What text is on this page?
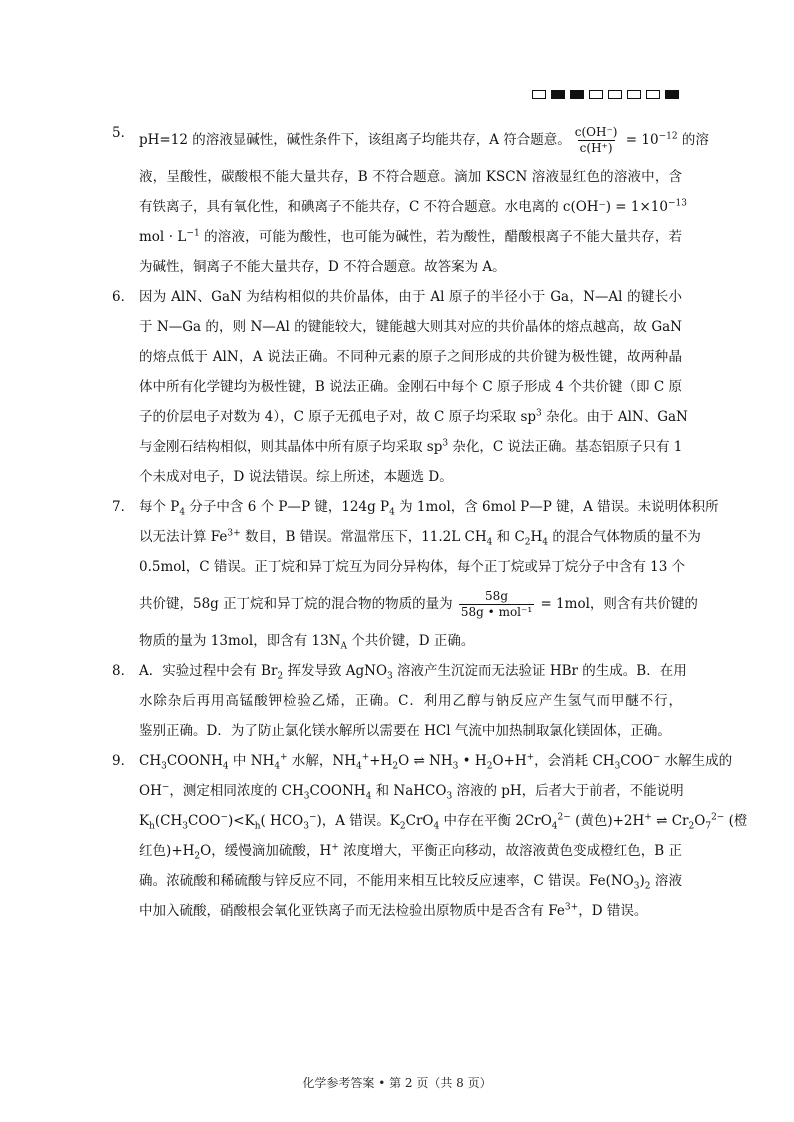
5． pH=12 的溶液显碱性，碱性条件下，该组离子均能共存，A 符合题意。 $\frac{c(OH^-)}{c(H^+)} = 10^{-12}$ 的溶
液，呈酸性，碳酸根不能大量共存，B 不符合题意。滴加 KSCN 溶液显红色的溶液中，含
有铁离子，具有氧化性，和碘离子不能共存，C 不符合题意。水电离的 $c(OH^-) = 1\times 10^{-13}$
mol · $L^{-1}$ 的溶液，可能为酸性，也可能为碱性，若为酸性，醋酸根离子不能大量共存，若
为碱性，铜离子不能大量共存，D 不符合题意。故答案为 A。
6． 因为 AlN、GaN 为结构相似的共价晶体，由于 Al 原子的半径小于 Ga，N—Al 的键长小
于 N—Ga 的，则 N—Al 的键能较大，键能越大则其对应的共价晶体的熔点越高，故 GaN
的熔点低于 AlN，A 说法正确。不同种元素的原子之间形成的共价键为极性键，故两种晶
体中所有化学键均为极性键，B 说法正确。金刚石中每个 C 原子形成 4 个共价键（即 C 原
子的价层电子对数为 4），C 原子无孤电子对，故 C 原子均采取 $sp^3$ 杂化。由于 AlN、GaN
与金刚石结构相似，则其晶体中所有原子均采取 $sp^3$ 杂化，C 说法正确。基态铝原子只有 1
个未成对电子，D 说法错误。综上所述，本题选 D。
7． 每个 $P_4$ 分子中含 6 个 P—P 键，124g $P_4$ 为 1mol，含 6mol P—P 键，A 错误。未说明体积所
以无法计算 $Fe^{3+}$ 数目，B 错误。常温常压下，11.2L $CH_4$ 和 $C_2H_4$ 的混合气体物质的量不为
0.5mol，C 错误。正丁烷和异丁烷互为同分异构体，每个正丁烷或异丁烷分子中含有 13 个
共价键，58g 正丁烷和异丁烷的混合物的物质的量为 $\frac{58g}{\text{58g • mol⁻¹}} = 1mol$，则含有共价键的
物质的量为 13mol，即含有 $13N_A$ 个共价键，D 正确。
8． A．实验过程中会有 $Br_2$ 挥发导致 AgNO$_3$ 溶液产生沉淀而无法验证 HBr 的生成。B．在用
水除杂后再用高锰酸钾检验乙烯，正确。C．利用乙醇与钠反应产生氢气而甲醚不行，
鉴别正确。D．为了防止氯化镁水解所以需要在 HCl 气流中加热制取氯化镁固体，正确。
9． $CH_3COONH_4$ 中 $NH_4^+$ 水解，$NH_4^++H_2O$ ⇌ $NH_3$ • $H_2O+H^+$，会消耗 $CH_3COO^-$ 水解生成的
OH−，测定相同浓度的 $CH_3COONH_4$ 和 NaHCO$_3$ 溶液的 pH，后者大于前者，不能说明
$K_h(CH_3COO^-)<K_h$( $HCO_3^-$)，A 错误。$K_2CrO_4$ 中存在平衡 2CrO$_4^{2-}$ (黄色)+2H+ ⇌ $Cr_2O_7^{2-}$ (橙
红色)$+H_2O$，缓慢滴加硫酸，H+ 浓度增大，平衡正向移动，故溶液黄色变成橙红色，B 正
确。浓硫酸和稀硫酸与锌反应不同，不能用来相互比较反应速率，C 错误。$Fe(NO_3)_2$ 溶液
中加入硫酸，硝酸根会氧化亚铁离子而无法检验出原物质中是否含有 $Fe^{3+}$，D 错误。
化学参考答案 • 第 2 页（共 8 页）
